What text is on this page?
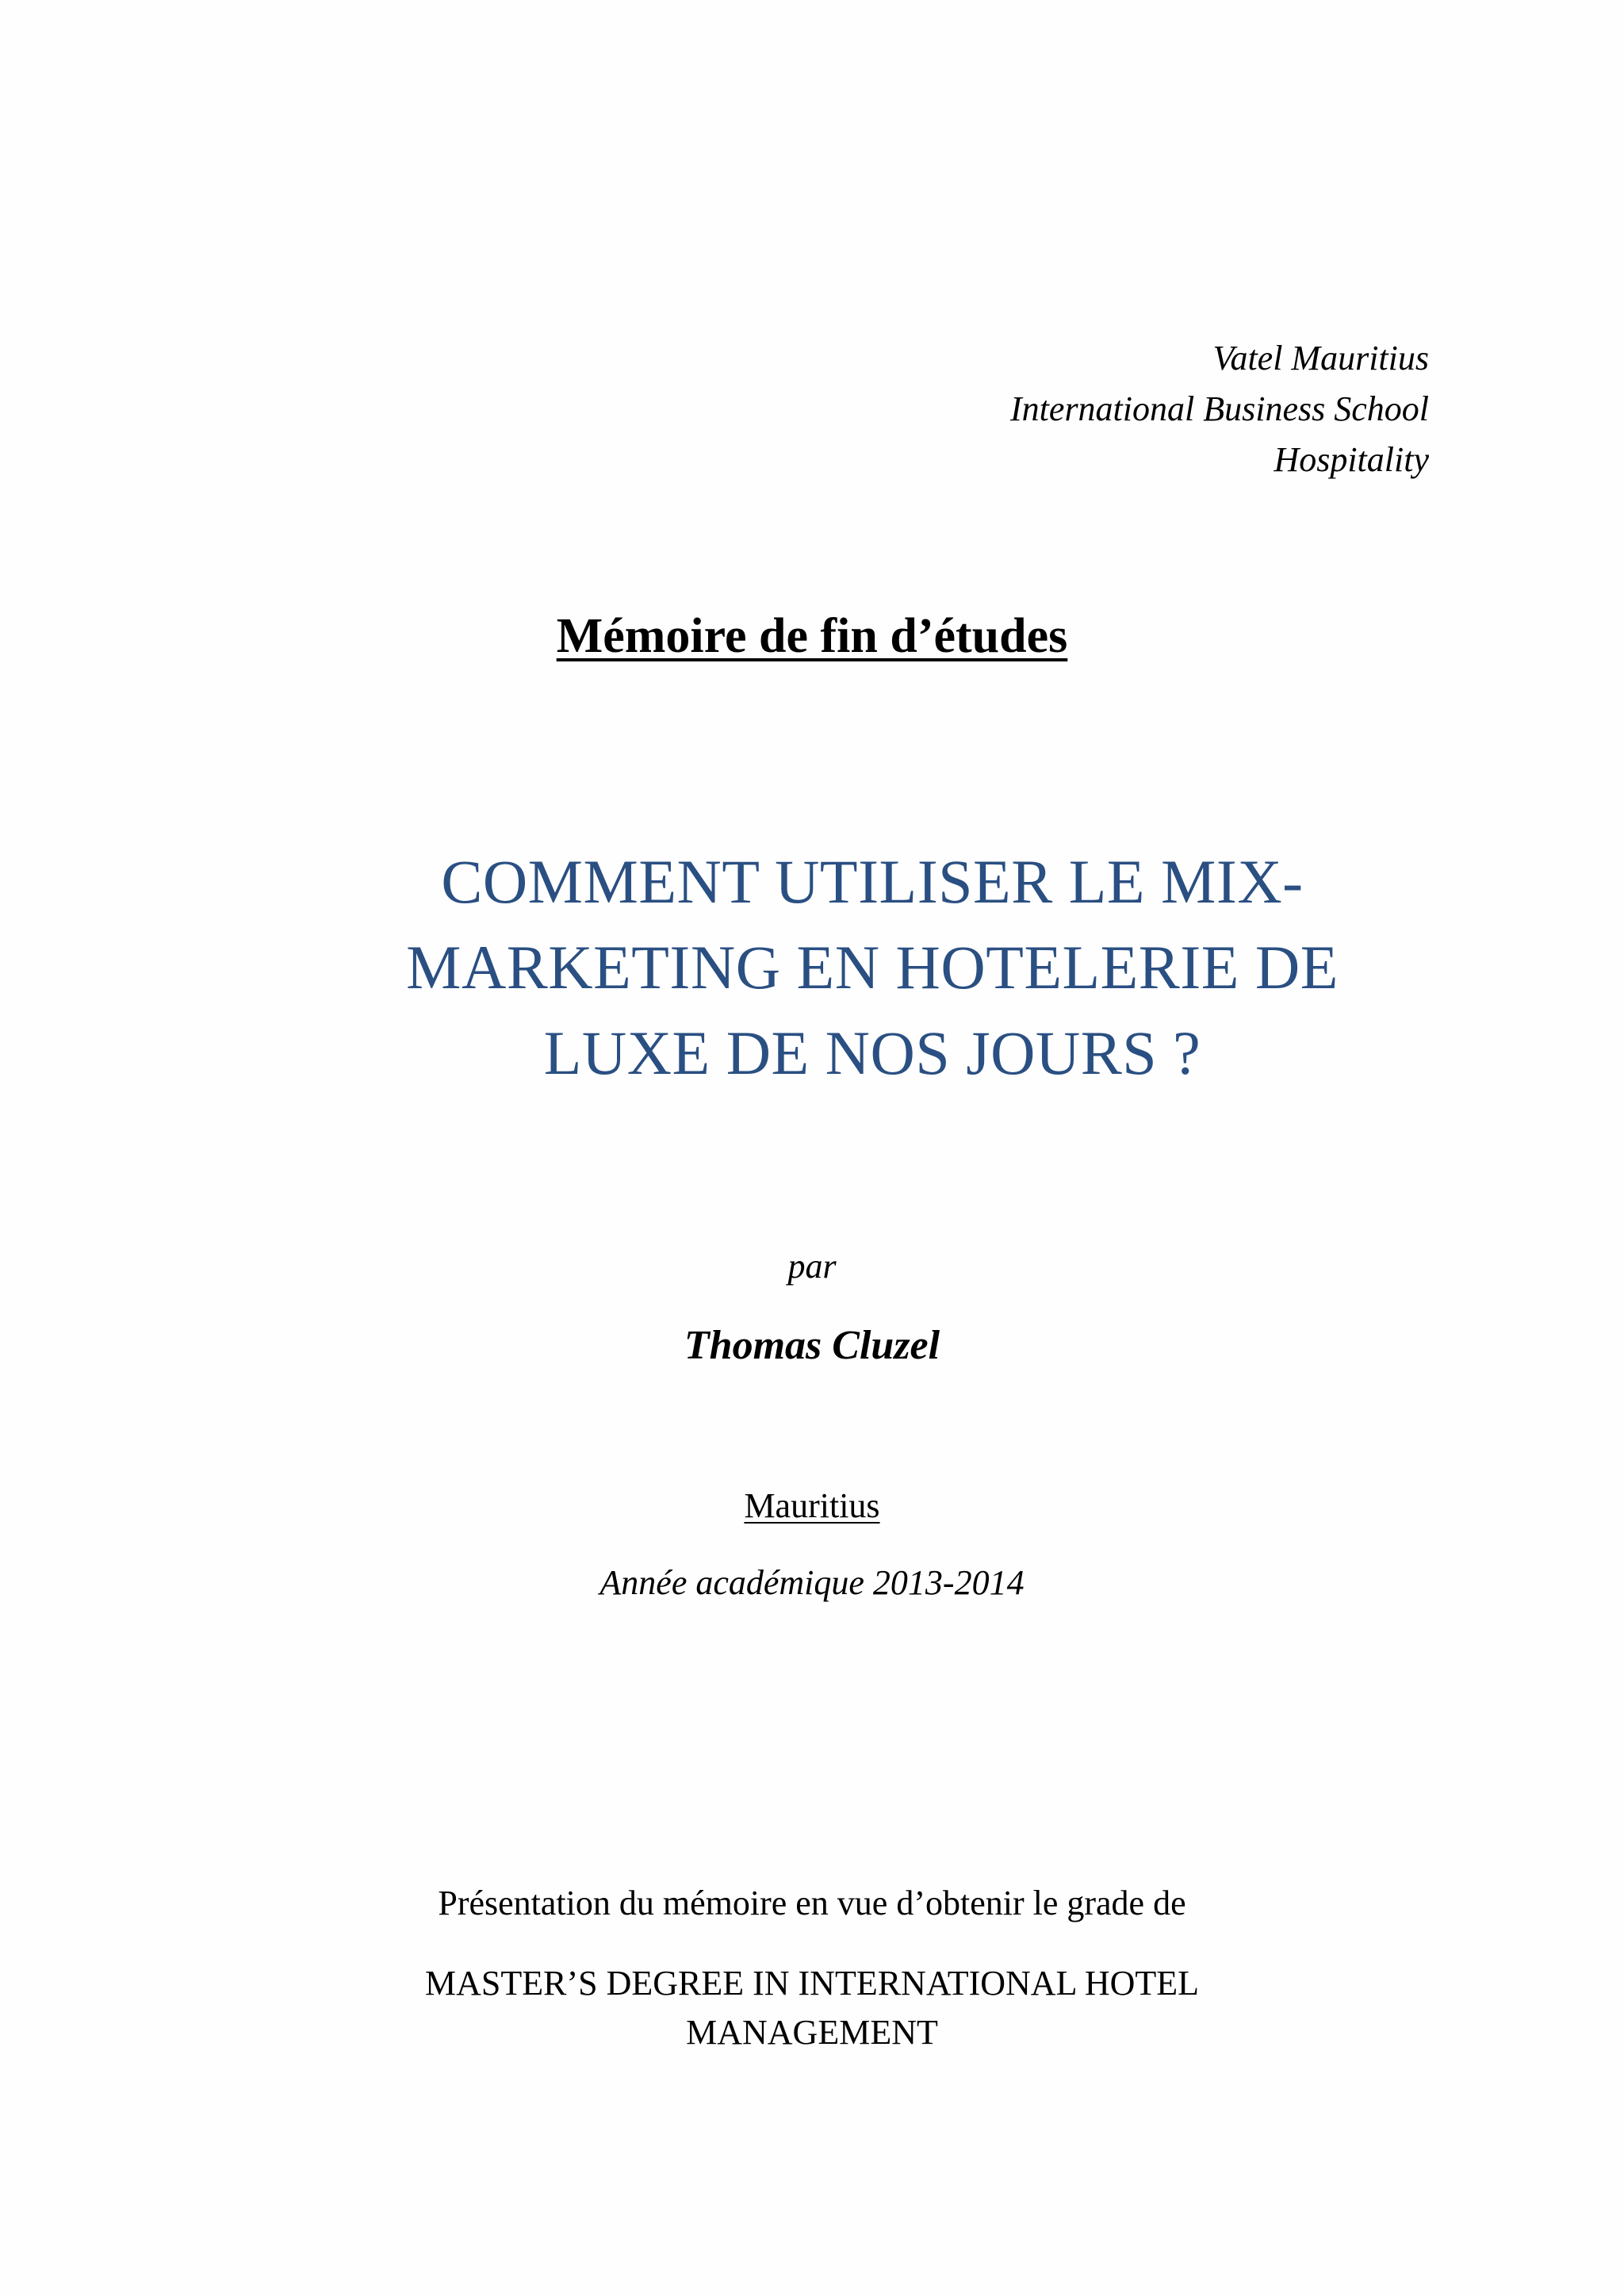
Vatel Mauritius
International Business School
Hospitality
Mémoire de fin d’études
COMMENT UTILISER LE MIX-
MARKETING EN HOTELERIE DE
LUXE DE NOS JOURS ?
par
Thomas Cluzel
Mauritius
Année académique 2013-2014
Présentation du mémoire en vue d’obtenir le grade de
MASTER’S DEGREE IN INTERNATIONAL HOTEL
MANAGEMENT
